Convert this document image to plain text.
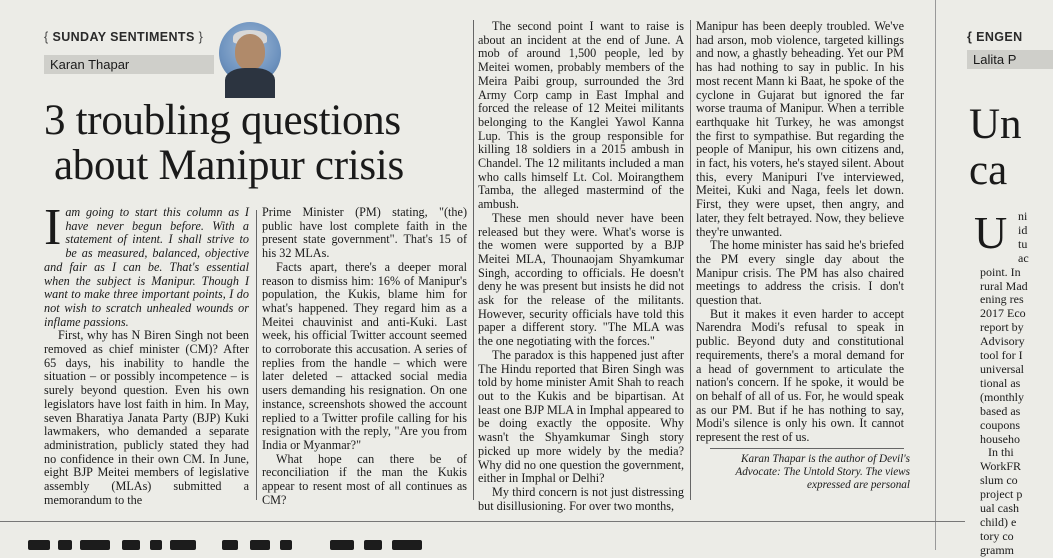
{ SUNDAY SENTIMENTS }
Karan Thapar
3 troubling questions
about Manipur crisis

Iam going to start this column as I have never begun before. With a statement of intent. I shall strive to be as measured, balanced, objective and fair as I can be. That's essential when the subject is Manipur. Though I want to make three important points, I do not wish to scratch unhealed wounds or inflame passions.

First, why has N Biren Singh not been removed as chief minister (CM)? After 65 days, his inability to handle the situation – or possibly incompetence – is surely beyond question. Even his own legislators have lost faith in him. In May, seven Bharatiya Janata Party (BJP) Kuki lawmakers, who demanded a separate administration, publicly stated they had no confidence in their own CM. In June, eight BJP Meitei members of legislative assembly (MLAs) submitted a memorandum to the

Prime Minister (PM) stating, "(the) public have lost complete faith in the present state government". That's 15 of his 32 MLAs.

Facts apart, there's a deeper moral reason to dismiss him: 16% of Manipur's population, the Kukis, blame him for what's happened. They regard him as a Meitei chauvinist and anti-Kuki. Last week, his official Twitter account seemed to corroborate this accusation. A series of replies from the handle – which were later deleted – attacked social media users demanding his resignation. On one instance, screenshots showed the account replied to a Twitter profile calling for his resignation with the reply, "Are you from India or Myanmar?"

What hope can there be of reconciliation if the man the Kukis appear to resent most of all continues as CM?

The second point I want to raise is about an incident at the end of June. A mob of around 1,500 people, led by Meitei women, probably members of the Meira Paibi group, surrounded the 3rd Army Corp camp in East Imphal and forced the release of 12 Meitei militants belonging to the Kanglei Yawol Kanna Lup. This is the group responsible for killing 18 soldiers in a 2015 ambush in Chandel. The 12 militants included a man who calls himself Lt. Col. Moirangthem Tamba, the alleged mastermind of the ambush.

These men should never have been released but they were. What's worse is the women were supported by a BJP Meitei MLA, Thounaojam Shyamkumar Singh, according to officials. He doesn't deny he was present but insists he did not ask for the release of the militants. However, security officials have told this paper a different story. "The MLA was the one negotiating with the forces."

The paradox is this happened just after The Hindu reported that Biren Singh was told by home minister Amit Shah to reach out to the Kukis and be bipartisan. At least one BJP MLA in Imphal appeared to be doing exactly the opposite. Why wasn't the Shyamkumar Singh story picked up more widely by the media? Why did no one question the government, either in Imphal or Delhi?

My third concern is not just distressing but disillusioning. For over two months,

Manipur has been deeply troubled. We've had arson, mob violence, targeted killings and now, a ghastly beheading. Yet our PM has had nothing to say in public. In his most recent Mann ki Baat, he spoke of the cyclone in Gujarat but ignored the far worse trauma of Manipur. When a terrible earthquake hit Turkey, he was amongst the first to sympathise. But regarding the people of Manipur, his own citizens and, in fact, his voters, he's stayed silent. About this, every Manipuri I've interviewed, Meitei, Kuki and Naga, feels let down. First, they were upset, then angry, and later, they felt betrayed. Now, they believe they're unwanted.

The home minister has said he's briefed the PM every single day about the Manipur crisis. The PM has also chaired meetings to address the crisis. I don't question that.

But it makes it even harder to accept Narendra Modi's refusal to speak in public. Beyond duty and constitutional requirements, there's a moral demand for a head of government to articulate the nation's concern. If he spoke, it would be on behalf of all of us. For, he would speak as our PM. But if he has nothing to say, Modi's silence is only his own. It cannot represent the rest of us.

Karan Thapar is the author of Devil's
Advocate: The Untold Story. The views
expressed are personal
{ ENGEN
Lalita P
Un
ca
U ni
id
tu
ac
point. In
rural Mad
ening res
2017 Eco
report by
Advisory
tool for I
universal
tional as
(monthly
based as
coupons
househo
In thi
WorkFR
slum co
project p
ual cash
child) e
tory co
gramm
